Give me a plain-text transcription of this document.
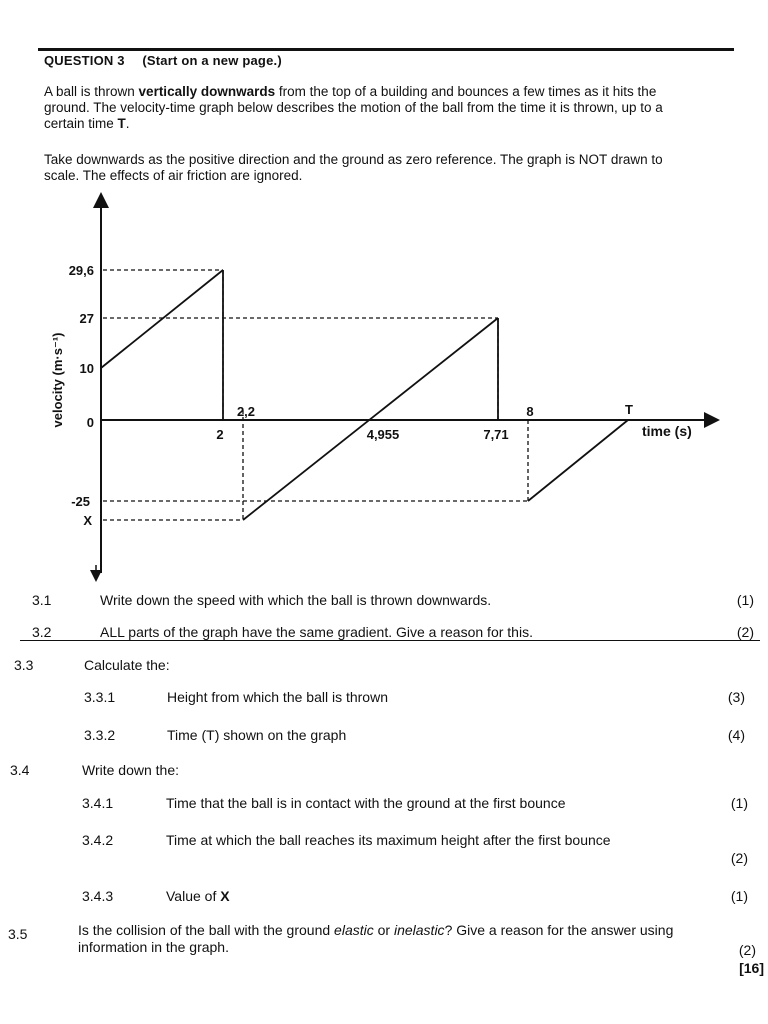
QUESTION 3 (Start on a new page.)
A ball is thrown vertically downwards from the top of a building and bounces a few times as it hits the ground. The velocity-time graph below describes the motion of the ball from the time it is thrown, up to a certain time T.
Take downwards as the positive direction and the ground as zero reference. The graph is NOT drawn to scale. The effects of air friction are ignored.
29,6
27
10
0
-25
X
2
2,2
4,955	7,71
8	T
time (s)
velocity (m·s⁻¹)
3.1	Write down the speed with which the ball is thrown downwards.	(1)
3.2	ALL parts of the graph have the same gradient. Give a reason for this.	(2)
3.3	Calculate the:
3.3.1	Height from which the ball is thrown	(3)
3.3.2	Time (T) shown on the graph	(4)
3.4	Write down the:
3.4.1	Time that the ball is in contact with the ground at the first bounce	(1)
3.4.2	Time at which the ball reaches its maximum height after the first bounce
(2)
3.4.3	Value of X	(1)
3.5	Is the collision of the ball with the ground elastic or inelastic? Give a reason for the answer using information in the graph.	(2)
[16]
